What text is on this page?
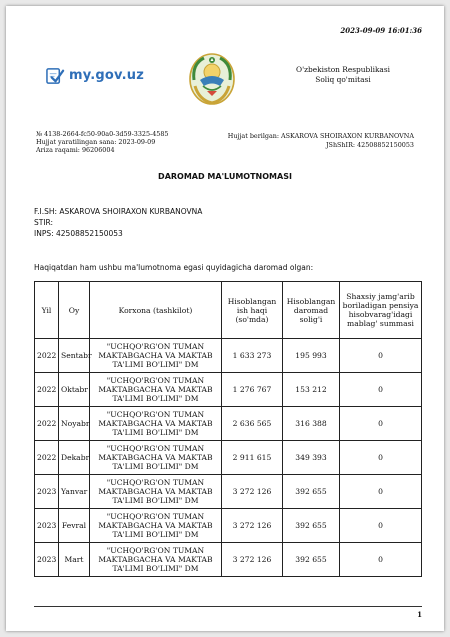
2023-09-09 16:01:36
my.gov.uz	O'zbekiston Respublikasi
Soliq qo'mitasi
№ 4138-2664-fc50-90a0-3d59-3325-4585
Hujjat yaratilingan sana: 2023-09-09
Ariza raqami: 96206004
Hujjat berilgan: ASKAROVA SHOIRAXON KURBANOVNA
JShShIR: 42508852150053
DAROMAD MA'LUMOTNOMASI
F.I.SH: ASKAROVA SHOIRAXON KURBANOVNA
STIR:
INPS: 42508852150053
Haqiqatdan ham ushbu ma'lumotnoma egasi quyidagicha daromad olgan:
Yil	Oy	Korxona (tashkilot)	Hisoblangan ish haqi (so'mda)	Hisoblangan daromad solig'i	Shaxsiy jamg'arib boriladigan pensiya hisobvarag'idagi mablag' summasi
2022	Sentabr	"UCHQO'RG'ON TUMAN MAKTABGACHA VA MAKTAB TA'LIMI BO'LIMI" DM	1 633 273	195 993	0
2022	Oktabr	"UCHQO'RG'ON TUMAN MAKTABGACHA VA MAKTAB TA'LIMI BO'LIMI" DM	1 276 767	153 212	0
2022	Noyabr	"UCHQO'RG'ON TUMAN MAKTABGACHA VA MAKTAB TA'LIMI BO'LIMI" DM	2 636 565	316 388	0
2022	Dekabr	"UCHQO'RG'ON TUMAN MAKTABGACHA VA MAKTAB TA'LIMI BO'LIMI" DM	2 911 615	349 393	0
2023	Yanvar	"UCHQO'RG'ON TUMAN MAKTABGACHA VA MAKTAB TA'LIMI BO'LIMI" DM	3 272 126	392 655	0
2023	Fevral	"UCHQO'RG'ON TUMAN MAKTABGACHA VA MAKTAB TA'LIMI BO'LIMI" DM	3 272 126	392 655	0
2023	Mart	"UCHQO'RG'ON TUMAN MAKTABGACHA VA MAKTAB TA'LIMI BO'LIMI" DM	3 272 126	392 655	0
1
